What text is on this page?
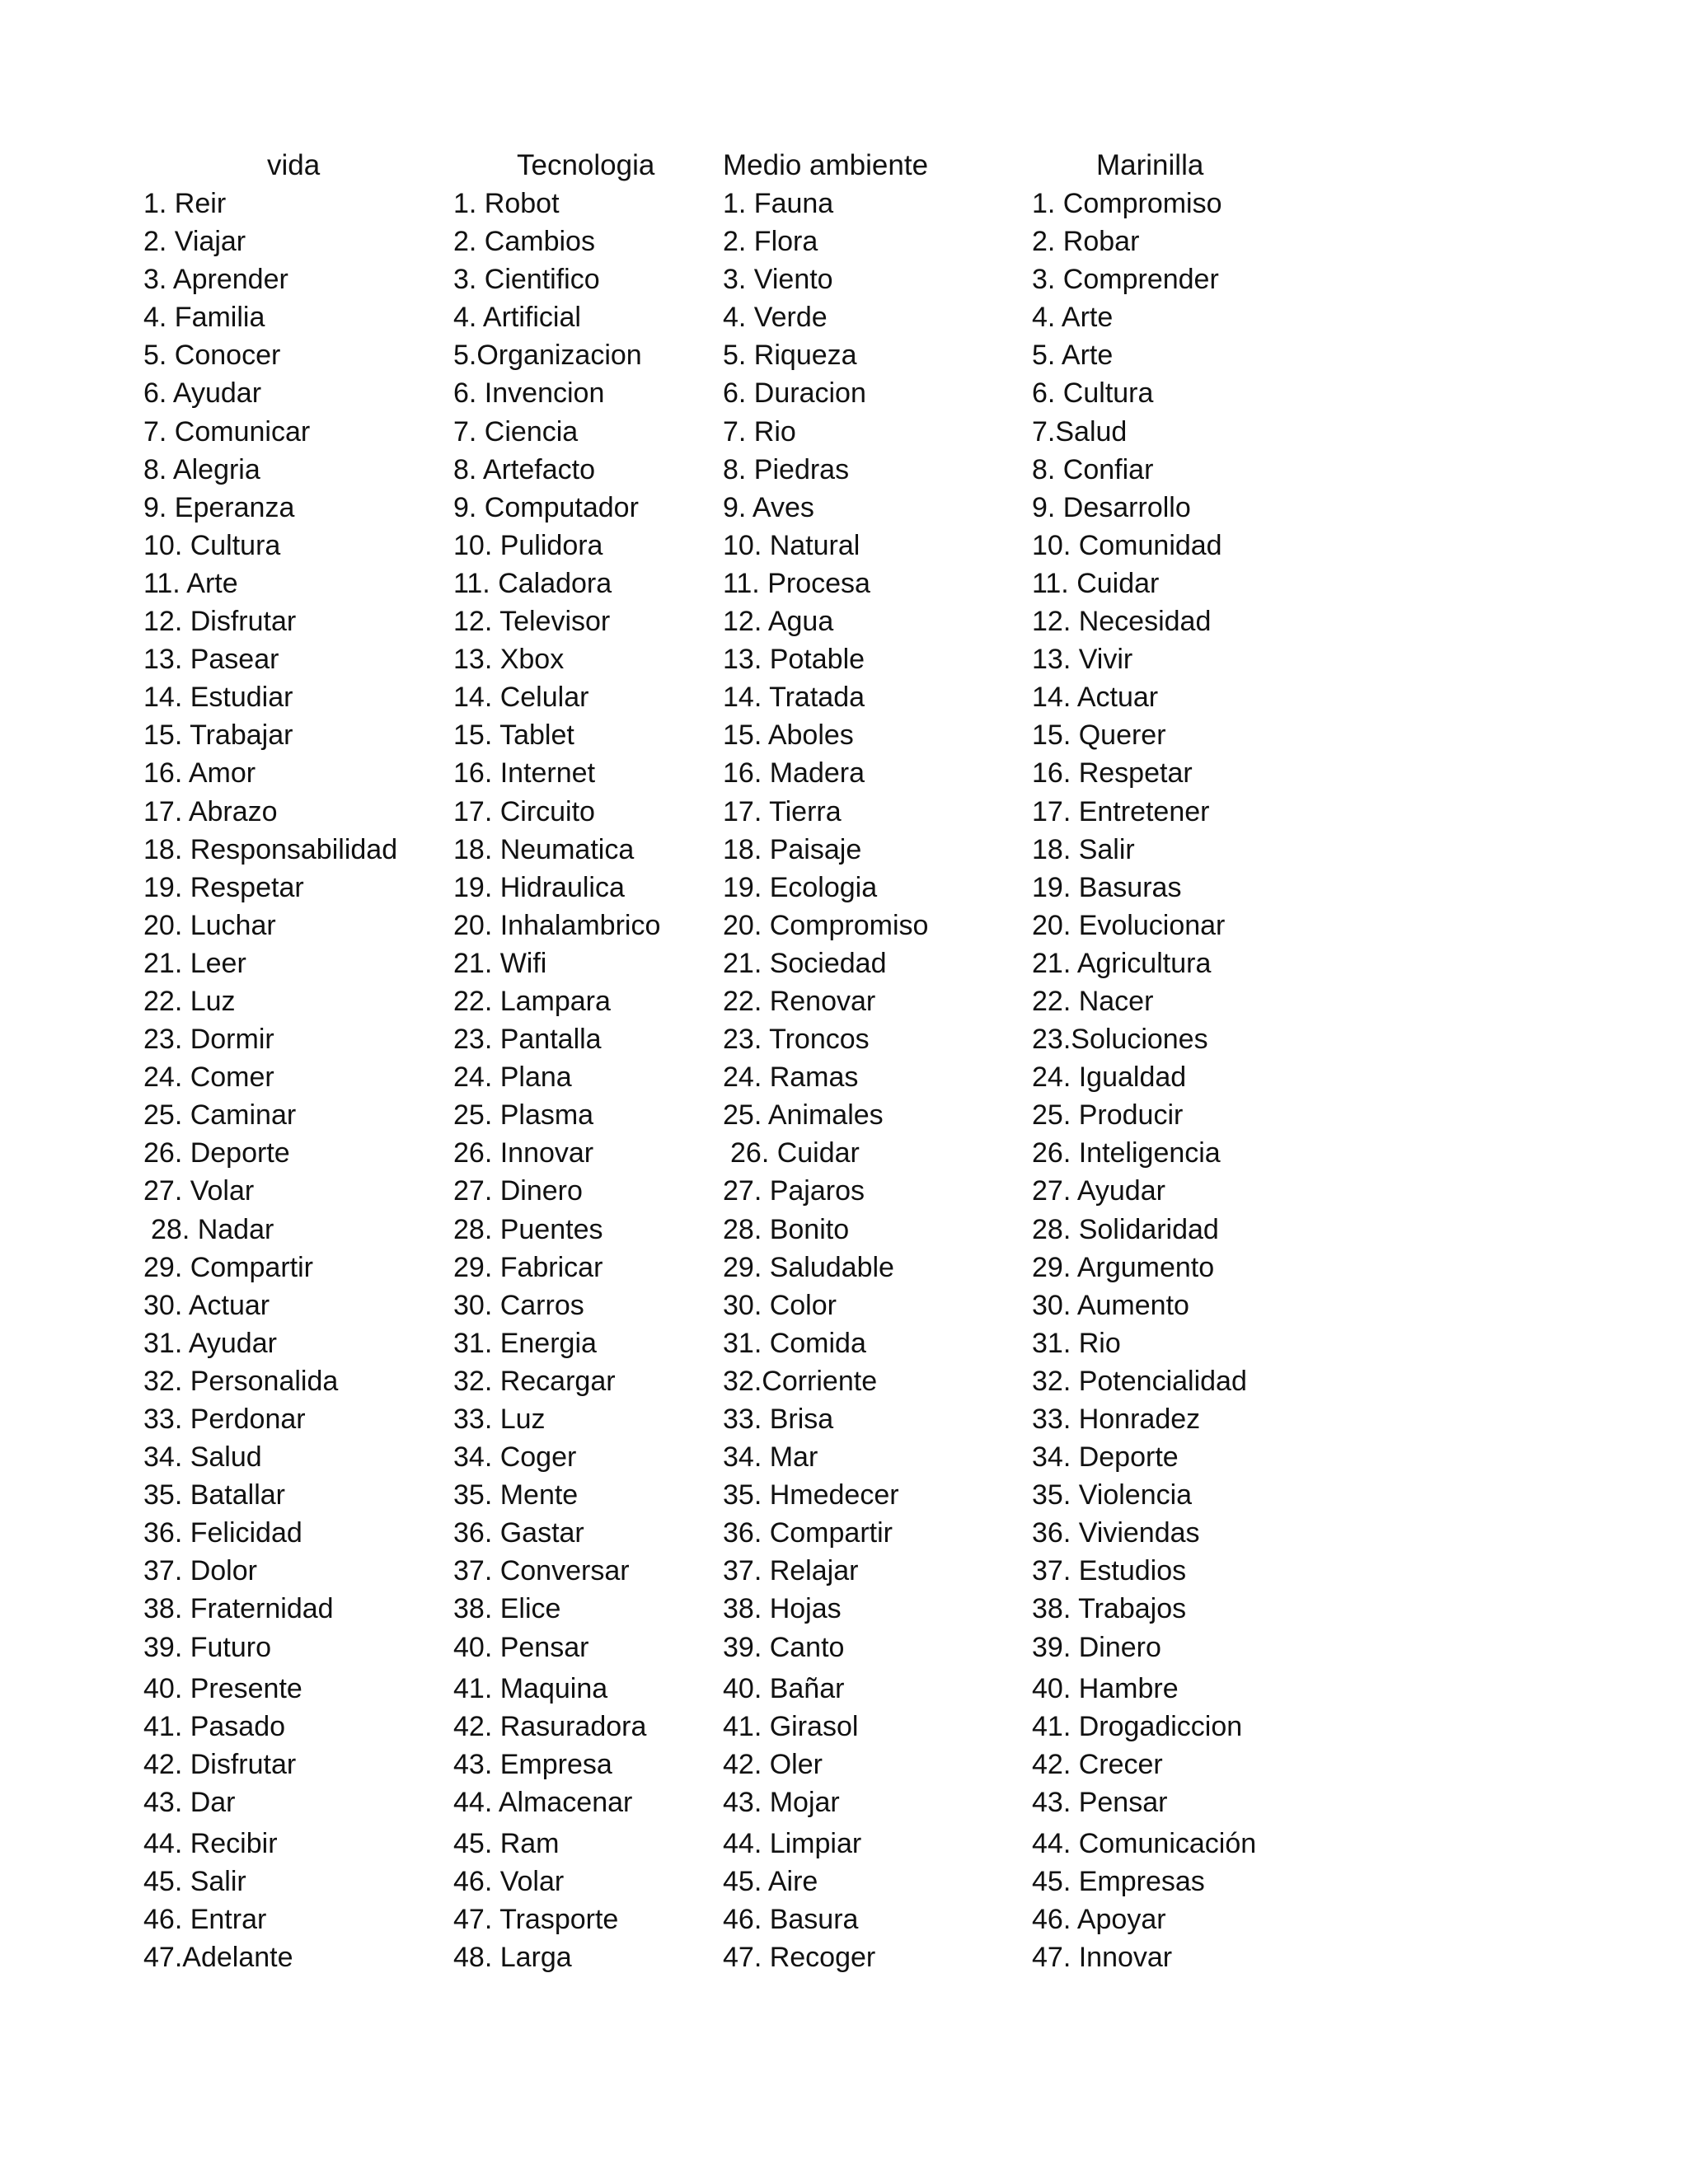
vida
1. Reir
2. Viajar
3. Aprender
4. Familia
5. Conocer
6. Ayudar
7. Comunicar
8. Alegria
9. Eperanza
10. Cultura
11. Arte
12. Disfrutar
13. Pasear
14. Estudiar
15. Trabajar
16. Amor
17. Abrazo
18. Responsabilidad
19. Respetar
20. Luchar
21. Leer
22. Luz
23. Dormir
24. Comer
25. Caminar
26. Deporte
27. Volar
28. Nadar
29. Compartir
30. Actuar
31. Ayudar
32. Personalida
33. Perdonar
34. Salud
35. Batallar
36. Felicidad
37. Dolor
38. Fraternidad
39. Futuro
40. Presente
41. Pasado
42. Disfrutar
43. Dar
44. Recibir
45. Salir
46. Entrar
47.Adelante
Tecnologia
1. Robot
2. Cambios
3. Cientifico
4. Artificial
5.Organizacion
6. Invencion
7. Ciencia
8. Artefacto
9. Computador
10. Pulidora
11. Caladora
12. Televisor
13. Xbox
14. Celular
15. Tablet
16. Internet
17. Circuito
18. Neumatica
19. Hidraulica
20. Inhalambrico
21. Wifi
22. Lampara
23. Pantalla
24. Plana
25. Plasma
26. Innovar
27. Dinero
28. Puentes
29. Fabricar
30. Carros
31. Energia
32. Recargar
33. Luz
34. Coger
35. Mente
36. Gastar
37. Conversar
38. Elice
40. Pensar
41. Maquina
42. Rasuradora
43. Empresa
44. Almacenar
45. Ram
46. Volar
47. Trasporte
48. Larga
Medio ambiente
1. Fauna
2. Flora
3. Viento
4. Verde
5. Riqueza
6. Duracion
7. Rio
8. Piedras
9. Aves
10. Natural
11. Procesa
12. Agua
13. Potable
14. Tratada
15. Aboles
16. Madera
17. Tierra
18. Paisaje
19. Ecologia
20. Compromiso
21. Sociedad
22. Renovar
23. Troncos
24. Ramas
25. Animales
26. Cuidar
27. Pajaros
28. Bonito
29. Saludable
30. Color
31. Comida
32.Corriente
33. Brisa
34. Mar
35. Hmedecer
36. Compartir
37. Relajar
38. Hojas
39. Canto
40. Bañar
41. Girasol
42. Oler
43. Mojar
44. Limpiar
45. Aire
46. Basura
47. Recoger
Marinilla
1. Compromiso
2. Robar
3. Comprender
4. Arte
5. Arte
6. Cultura
7.Salud
8. Confiar
9. Desarrollo
10. Comunidad
11. Cuidar
12. Necesidad
13. Vivir
14. Actuar
15. Querer
16. Respetar
17. Entretener
18. Salir
19. Basuras
20. Evolucionar
21. Agricultura
22. Nacer
23.Soluciones
24. Igualdad
25. Producir
26. Inteligencia
27. Ayudar
28. Solidaridad
29. Argumento
30. Aumento
31. Rio
32. Potencialidad
33. Honradez
34. Deporte
35. Violencia
36. Viviendas
37. Estudios
38. Trabajos
39. Dinero
40. Hambre
41. Drogadiccion
42. Crecer
43. Pensar
44. Comunicación
45. Empresas
46. Apoyar
47. Innovar
